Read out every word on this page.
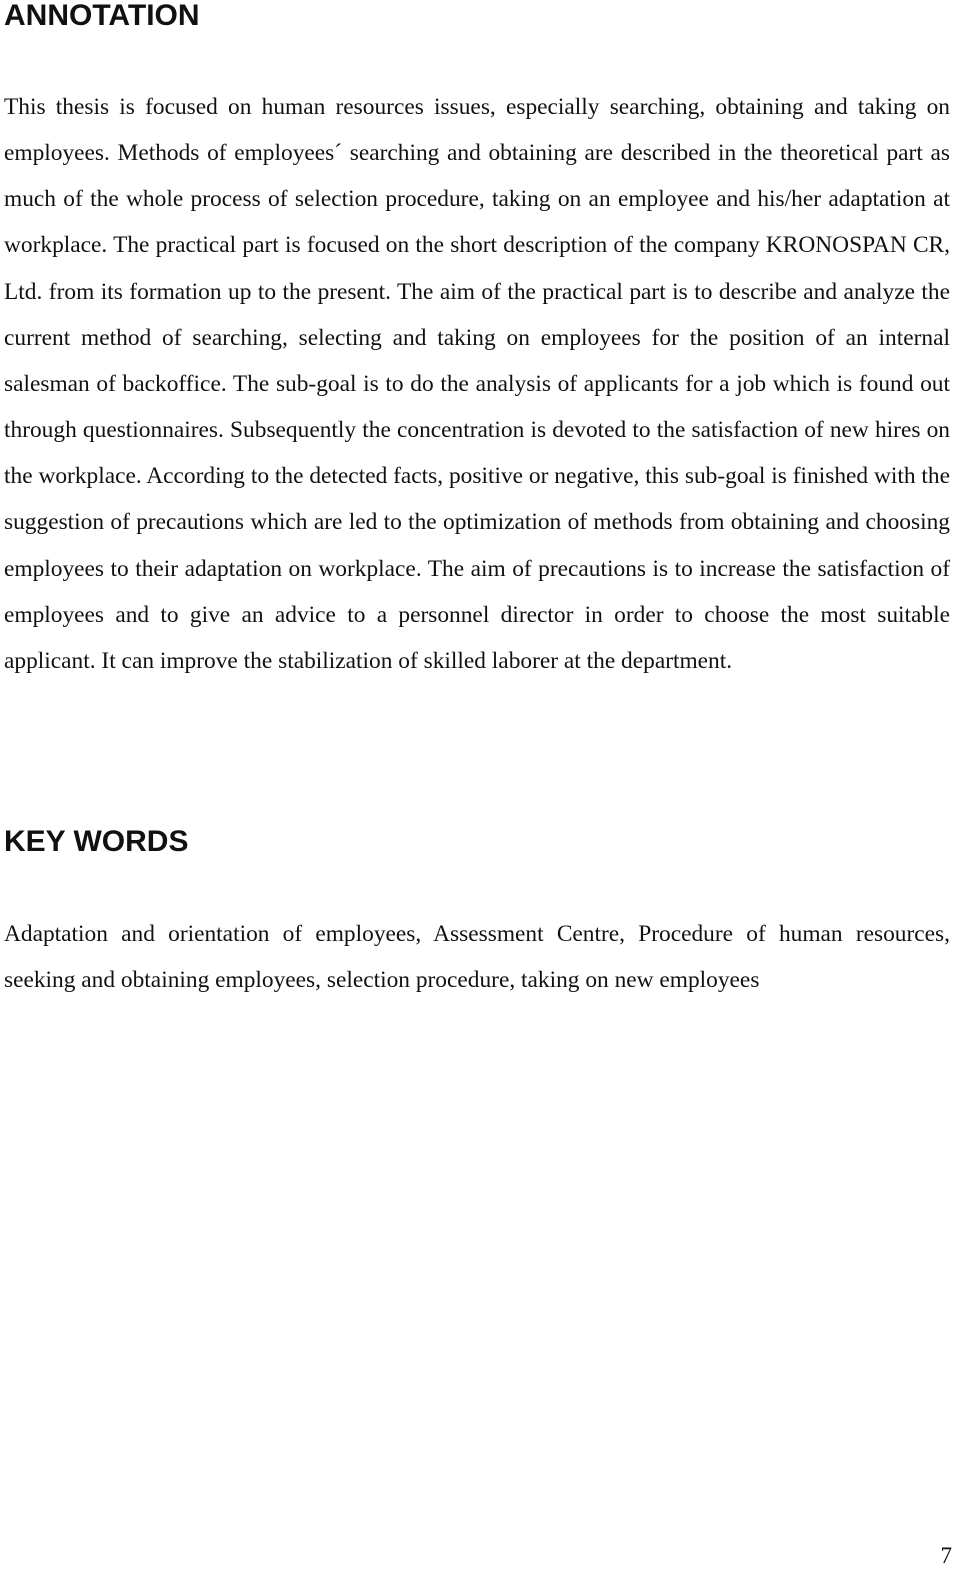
ANNOTATION

This thesis is focused on human resources issues, especially searching, obtaining and taking on employees. Methods of employees´ searching and obtaining are described in the theoretical part as much of the whole process of selection procedure, taking on an employee and his/her adaptation at workplace. The practical part is focused on the short description of the company KRONOSPAN CR, Ltd. from its formation up to the present. The aim of the practical part is to describe and analyze the current method of searching, selecting and taking on employees for the position of an internal salesman of backoffice. The sub-goal is to do the analysis of applicants for a job which is found out through questionnaires. Subsequently the concentration is devoted to the satisfaction of new hires on the workplace. According to the detected facts, positive or negative, this sub-goal is finished with the suggestion of precautions which are led to the optimization of methods from obtaining and choosing employees to their adaptation on workplace. The aim of precautions is to increase the satisfaction of employees and to give an advice to a personnel director in order to choose the most suitable applicant. It can improve the stabilization of skilled laborer at the department.

KEY WORDS

Adaptation and orientation of employees, Assessment Centre, Procedure of human resources, seeking and obtaining employees, selection procedure, taking on new employees

7
